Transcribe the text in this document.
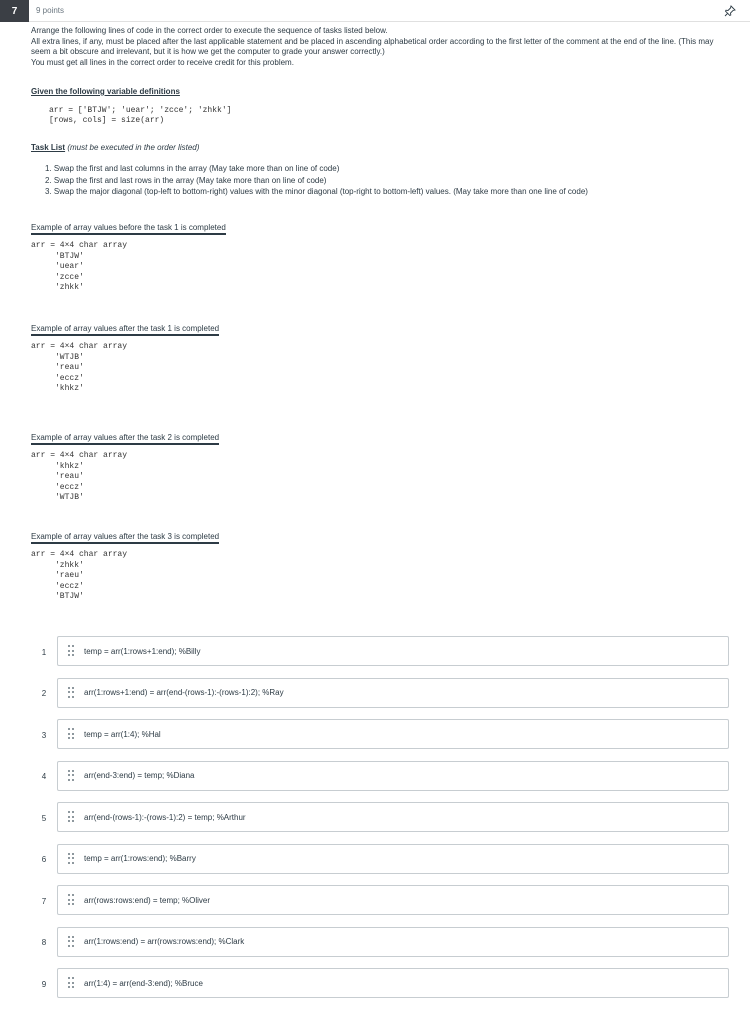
7	9 points

Arrange the following lines of code in the correct order to execute the sequence of tasks listed below.

All extra lines, if any, must be placed after the last applicable statement and be placed in ascending alphabetical order according to the first letter of the comment at the end of the line. (This may seem a bit obscure and irrelevant, but it is how we get the computer to grade your answer correctly.)

You must get all lines in the correct order to receive credit for this problem.

Given the following variable definitions
arr = ['BTJW'; 'uear'; 'zcce'; 'zhkk']
[rows, cols] = size(arr)
Task List (must be executed in the order listed)
1. Swap the first and last columns in the array (May take more than on line of code)
2. Swap the first and last rows in the array (May take more than on line of code)
3. Swap the major diagonal (top-left to bottom-right) values with the minor diagonal (top-right to bottom-left) values. (May take more than one line of code)
Example of array values before the task 1 is completed
arr = 4×4 char array
'BTJW'
'uear'
'zcce'
'zhkk'
Example of array values after the task 1 is completed
arr = 4×4 char array
'WTJB'
'reau'
'eccz'
'khkz'
Example of array values after the task 2 is completed
arr = 4×4 char array
'khkz'
'reau'
'eccz'
'WTJB'
Example of array values after the task 3 is completed
arr = 4×4 char array
'zhkk'
'raeu'
'eccz'
'BTJW'
1	temp = arr(1:rows+1:end); %Billy
2	arr(1:rows+1:end) = arr(end-(rows-1):-(rows-1):2); %Ray
3	temp = arr(1:4); %Hal
4	arr(end-3:end) = temp; %Diana
5	arr(end-(rows-1):-(rows-1):2) = temp; %Arthur
6	temp = arr(1:rows:end); %Barry
7	arr(rows:rows:end) = temp; %Oliver
8	arr(1:rows:end) = arr(rows:rows:end); %Clark
9	arr(1:4) = arr(end-3:end); %Bruce
